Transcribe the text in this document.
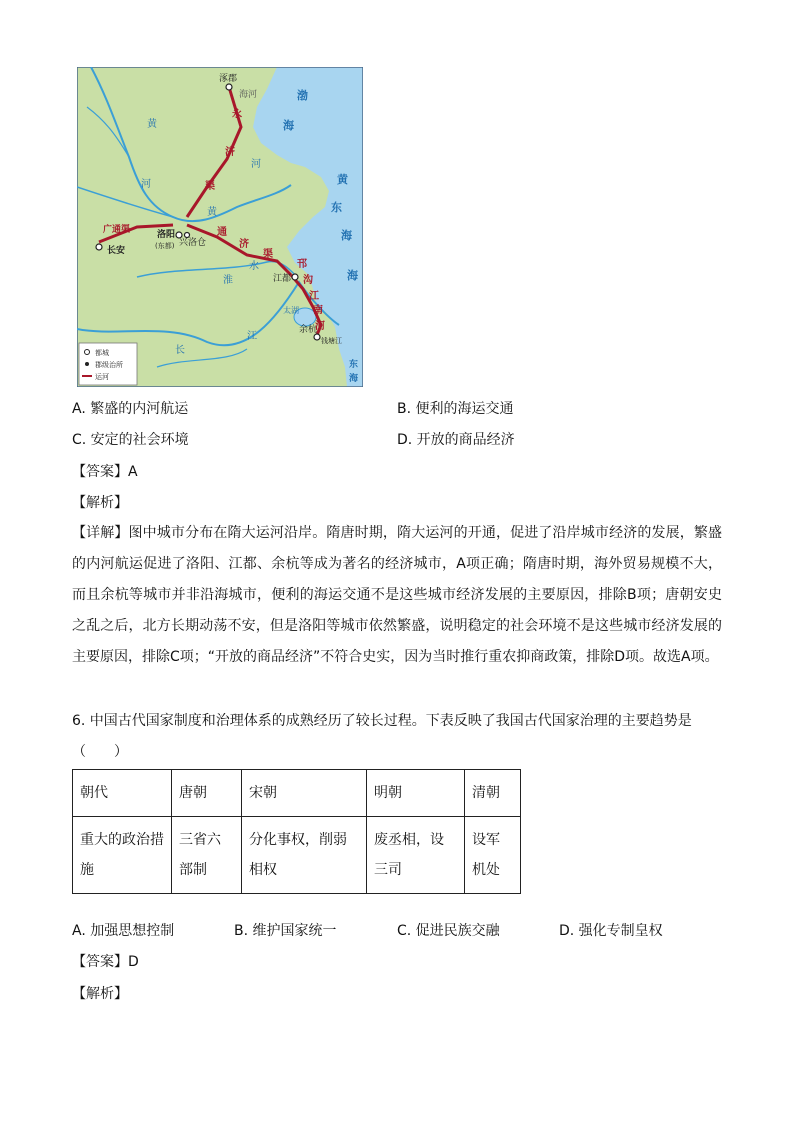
涿郡
海河
长安
洛阳
(东都) 兴洛仓
江都
余杭
钱塘江
太湖
永
济
渠
广通渠	通
济
渠
邗
沟
江
南
河
黄
河
黄
河
淮
水
长
江
渤
海
黄
东
海
海
东
海
都城
郡级治所
运河
A. 繁盛的内河航运	B. 便利的海运交通
C. 安定的社会环境	D. 开放的商品经济
【答案】A
【解析】
【详解】图中城市分布在隋大运河沿岸。隋唐时期，隋大运河的开通，促进了沿岸城市经济的发展，繁盛的内河航运促进了洛阳、江都、余杭等成为著名的经济城市，A项正确；隋唐时期，海外贸易规模不大，而且余杭等城市并非沿海城市，便利的海运交通不是这些城市经济发展的主要原因，排除B项；唐朝安史之乱之后，北方长期动荡不安，但是洛阳等城市依然繁盛，说明稳定的社会环境不是这些城市经济发展的主要原因，排除C项；“开放的商品经济”不符合史实，因为当时推行重农抑商政策，排除D项。故选A项。
6. 中国古代国家制度和治理体系的成熟经历了较长过程。下表反映了我国古代国家治理的主要趋势是
（　　）
朝代	唐朝	宋朝	明朝	清朝
重大的政治措施	三省六部制	分化事权，削弱相权	废丞相，设三司	设军机处
A. 加强思想控制	B. 维护国家统一	C. 促进民族交融	D. 强化专制皇权
【答案】D
【解析】
